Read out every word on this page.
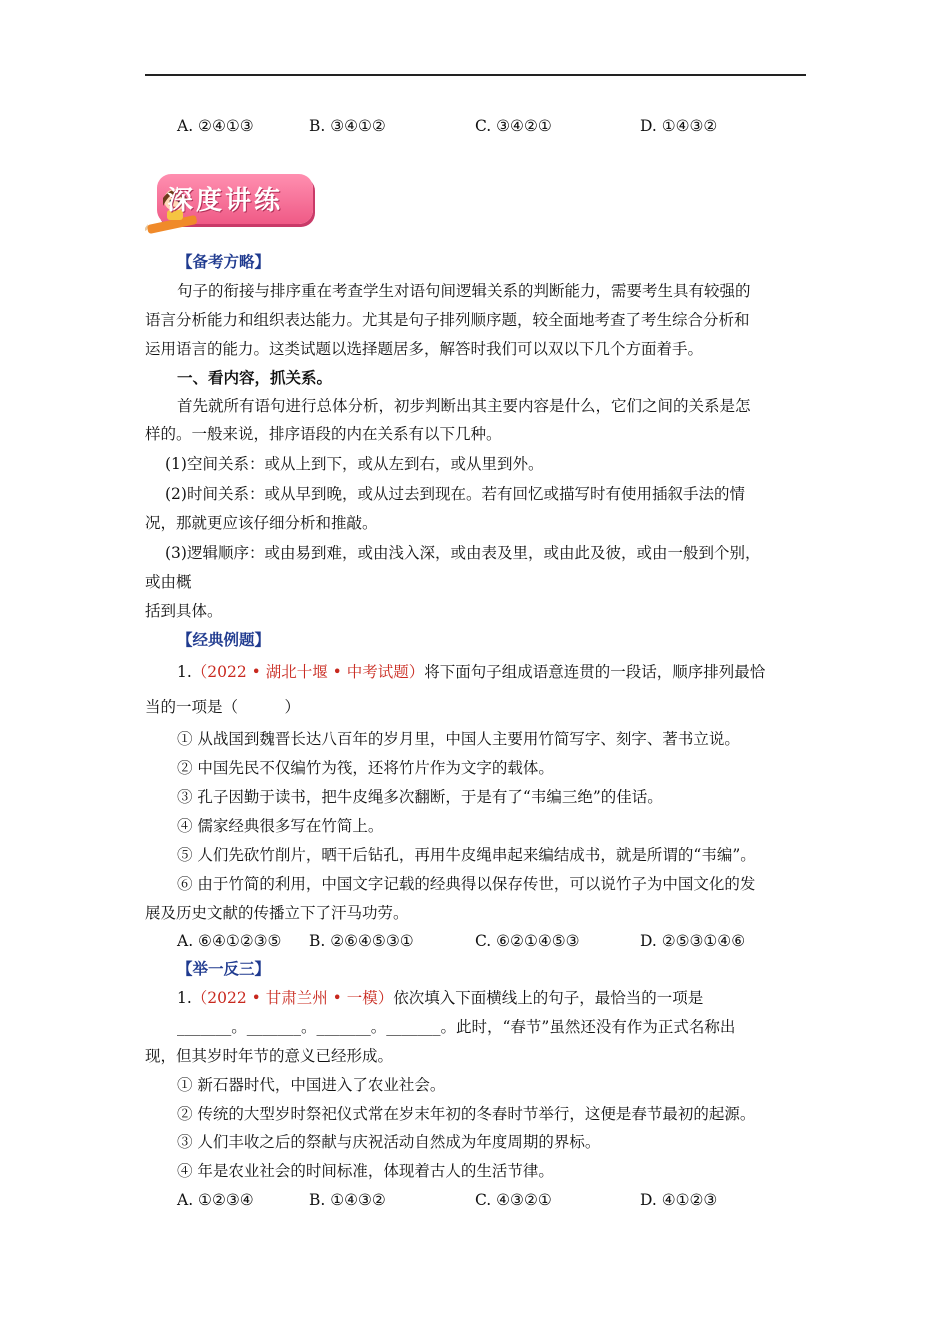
A. ②④①③	B. ③④①②	C. ③④②①	D. ①④③②
深度讲练
【备考方略】
句子的衔接与排序重在考查学生对语句间逻辑关系的判断能力，需要考生具有较强的
语言分析能力和组织表达能力。尤其是句子排列顺序题，较全面地考查了考生综合分析和
运用语言的能力。这类试题以选择题居多，解答时我们可以双以下几个方面着手。
一、看内容，抓关系。
首先就所有语句进行总体分析，初步判断出其主要内容是什么，它们之间的关系是怎
样的。一般来说，排序语段的内在关系有以下几种。
(1)空间关系：或从上到下，或从左到右，或从里到外。
(2)时间关系：或从早到晚，或从过去到现在。若有回忆或描写时有使用插叙手法的情
况，那就更应该仔细分析和推敲。
(3)逻辑顺序：或由易到难，或由浅入深，或由表及里，或由此及彼，或由一般到个别，
或由概
括到具体。
【经典例题】
1.（2022 • 湖北十堰 • 中考试题）将下面句子组成语意连贯的一段话，顺序排列最恰
当的一项是（　　　）
① 从战国到魏晋长达八百年的岁月里，中国人主要用竹简写字、刻字、著书立说。
② 中国先民不仅编竹为筏，还将竹片作为文字的载体。
③ 孔子因勤于读书，把牛皮绳多次翻断，于是有了“韦编三绝”的佳话。
④ 儒家经典很多写在竹简上。
⑤ 人们先砍竹削片，晒干后钻孔，再用牛皮绳串起来编结成书，就是所谓的“韦编”。
⑥ 由于竹简的利用，中国文字记载的经典得以保存传世，可以说竹子为中国文化的发
展及历史文献的传播立下了汗马功劳。
A. ⑥④①②③⑤ B. ②⑥④⑤③①	C. ⑥②①④⑤③	D. ②⑤③①④⑥
【举一反三】
1.（2022 • 甘肃兰州 • 一模）依次填入下面横线上的句子，最恰当的一项是
_______。_______。_______。_______。此时，“春节”虽然还没有作为正式名称出
现，但其岁时年节的意义已经形成。
① 新石器时代，中国进入了农业社会。
② 传统的大型岁时祭祀仪式常在岁末年初的冬春时节举行，这便是春节最初的起源。
③ 人们丰收之后的祭献与庆祝活动自然成为年度周期的界标。
④ 年是农业社会的时间标准，体现着古人的生活节律。
A. ①②③④	B. ①④③②	C. ④③②①	D. ④①②③
